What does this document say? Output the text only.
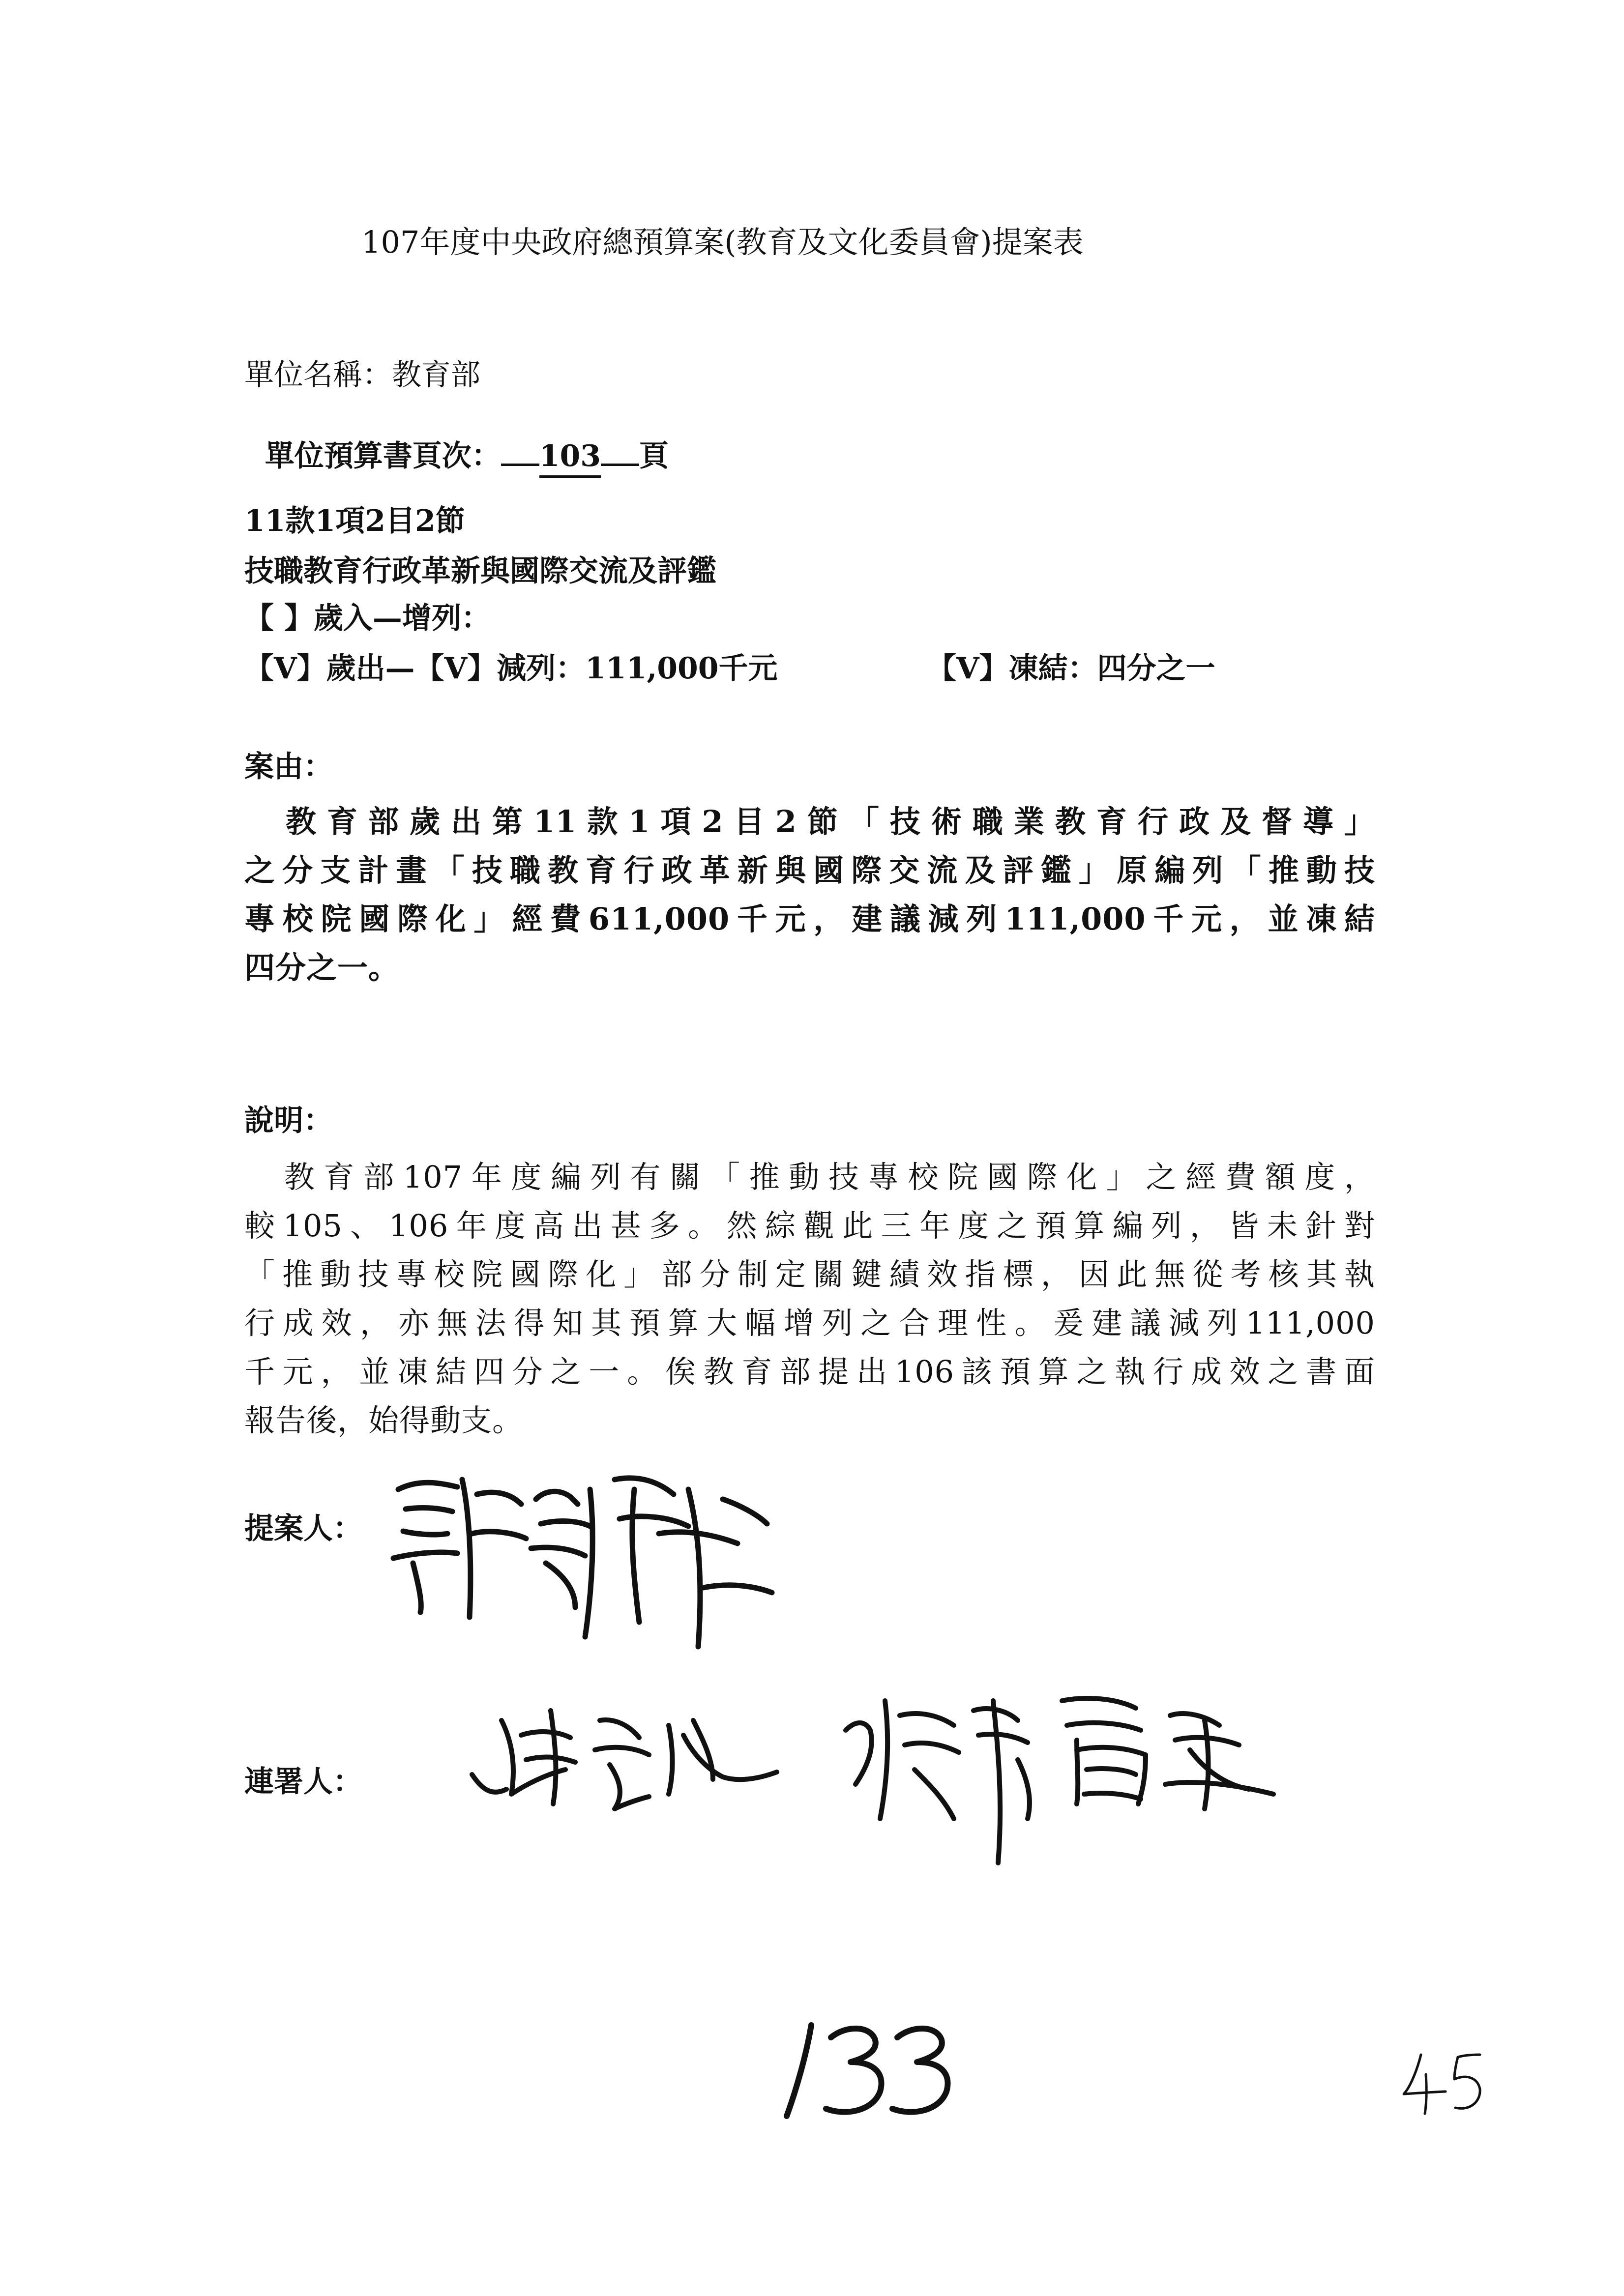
107年度中央政府總預算案(教育及文化委員會)提案表
單位名稱：教育部

單位預算書頁次： 103 頁

11款1項2目2節
技職教育行政革新與國際交流及評鑑
【 】歲入—增列：
【V】歲出—【V】減列：111,000千元	【V】凍結：四分之一
案由：
　教育部歲出第11款1項2目2節「技術職業教育行政及督導」
之分支計畫「技職教育行政革新與國際交流及評鑑」原編列「推動技
專校院國際化」經費611,000千元，建議減列111,000千元，並凍結
四分之一。
說明：
　教育部107年度編列有關「推動技專校院國際化」之經費額度，
較105、106年度高出甚多。然綜觀此三年度之預算編列，皆未針對
「推動技專校院國際化」部分制定關鍵績效指標，因此無從考核其執
行成效，亦無法得知其預算大幅增列之合理性。爰建議減列111,000
千元，並凍結四分之一。俟教育部提出106該預算之執行成效之書面
報告後，始得動支。
提案人：
連署人：
